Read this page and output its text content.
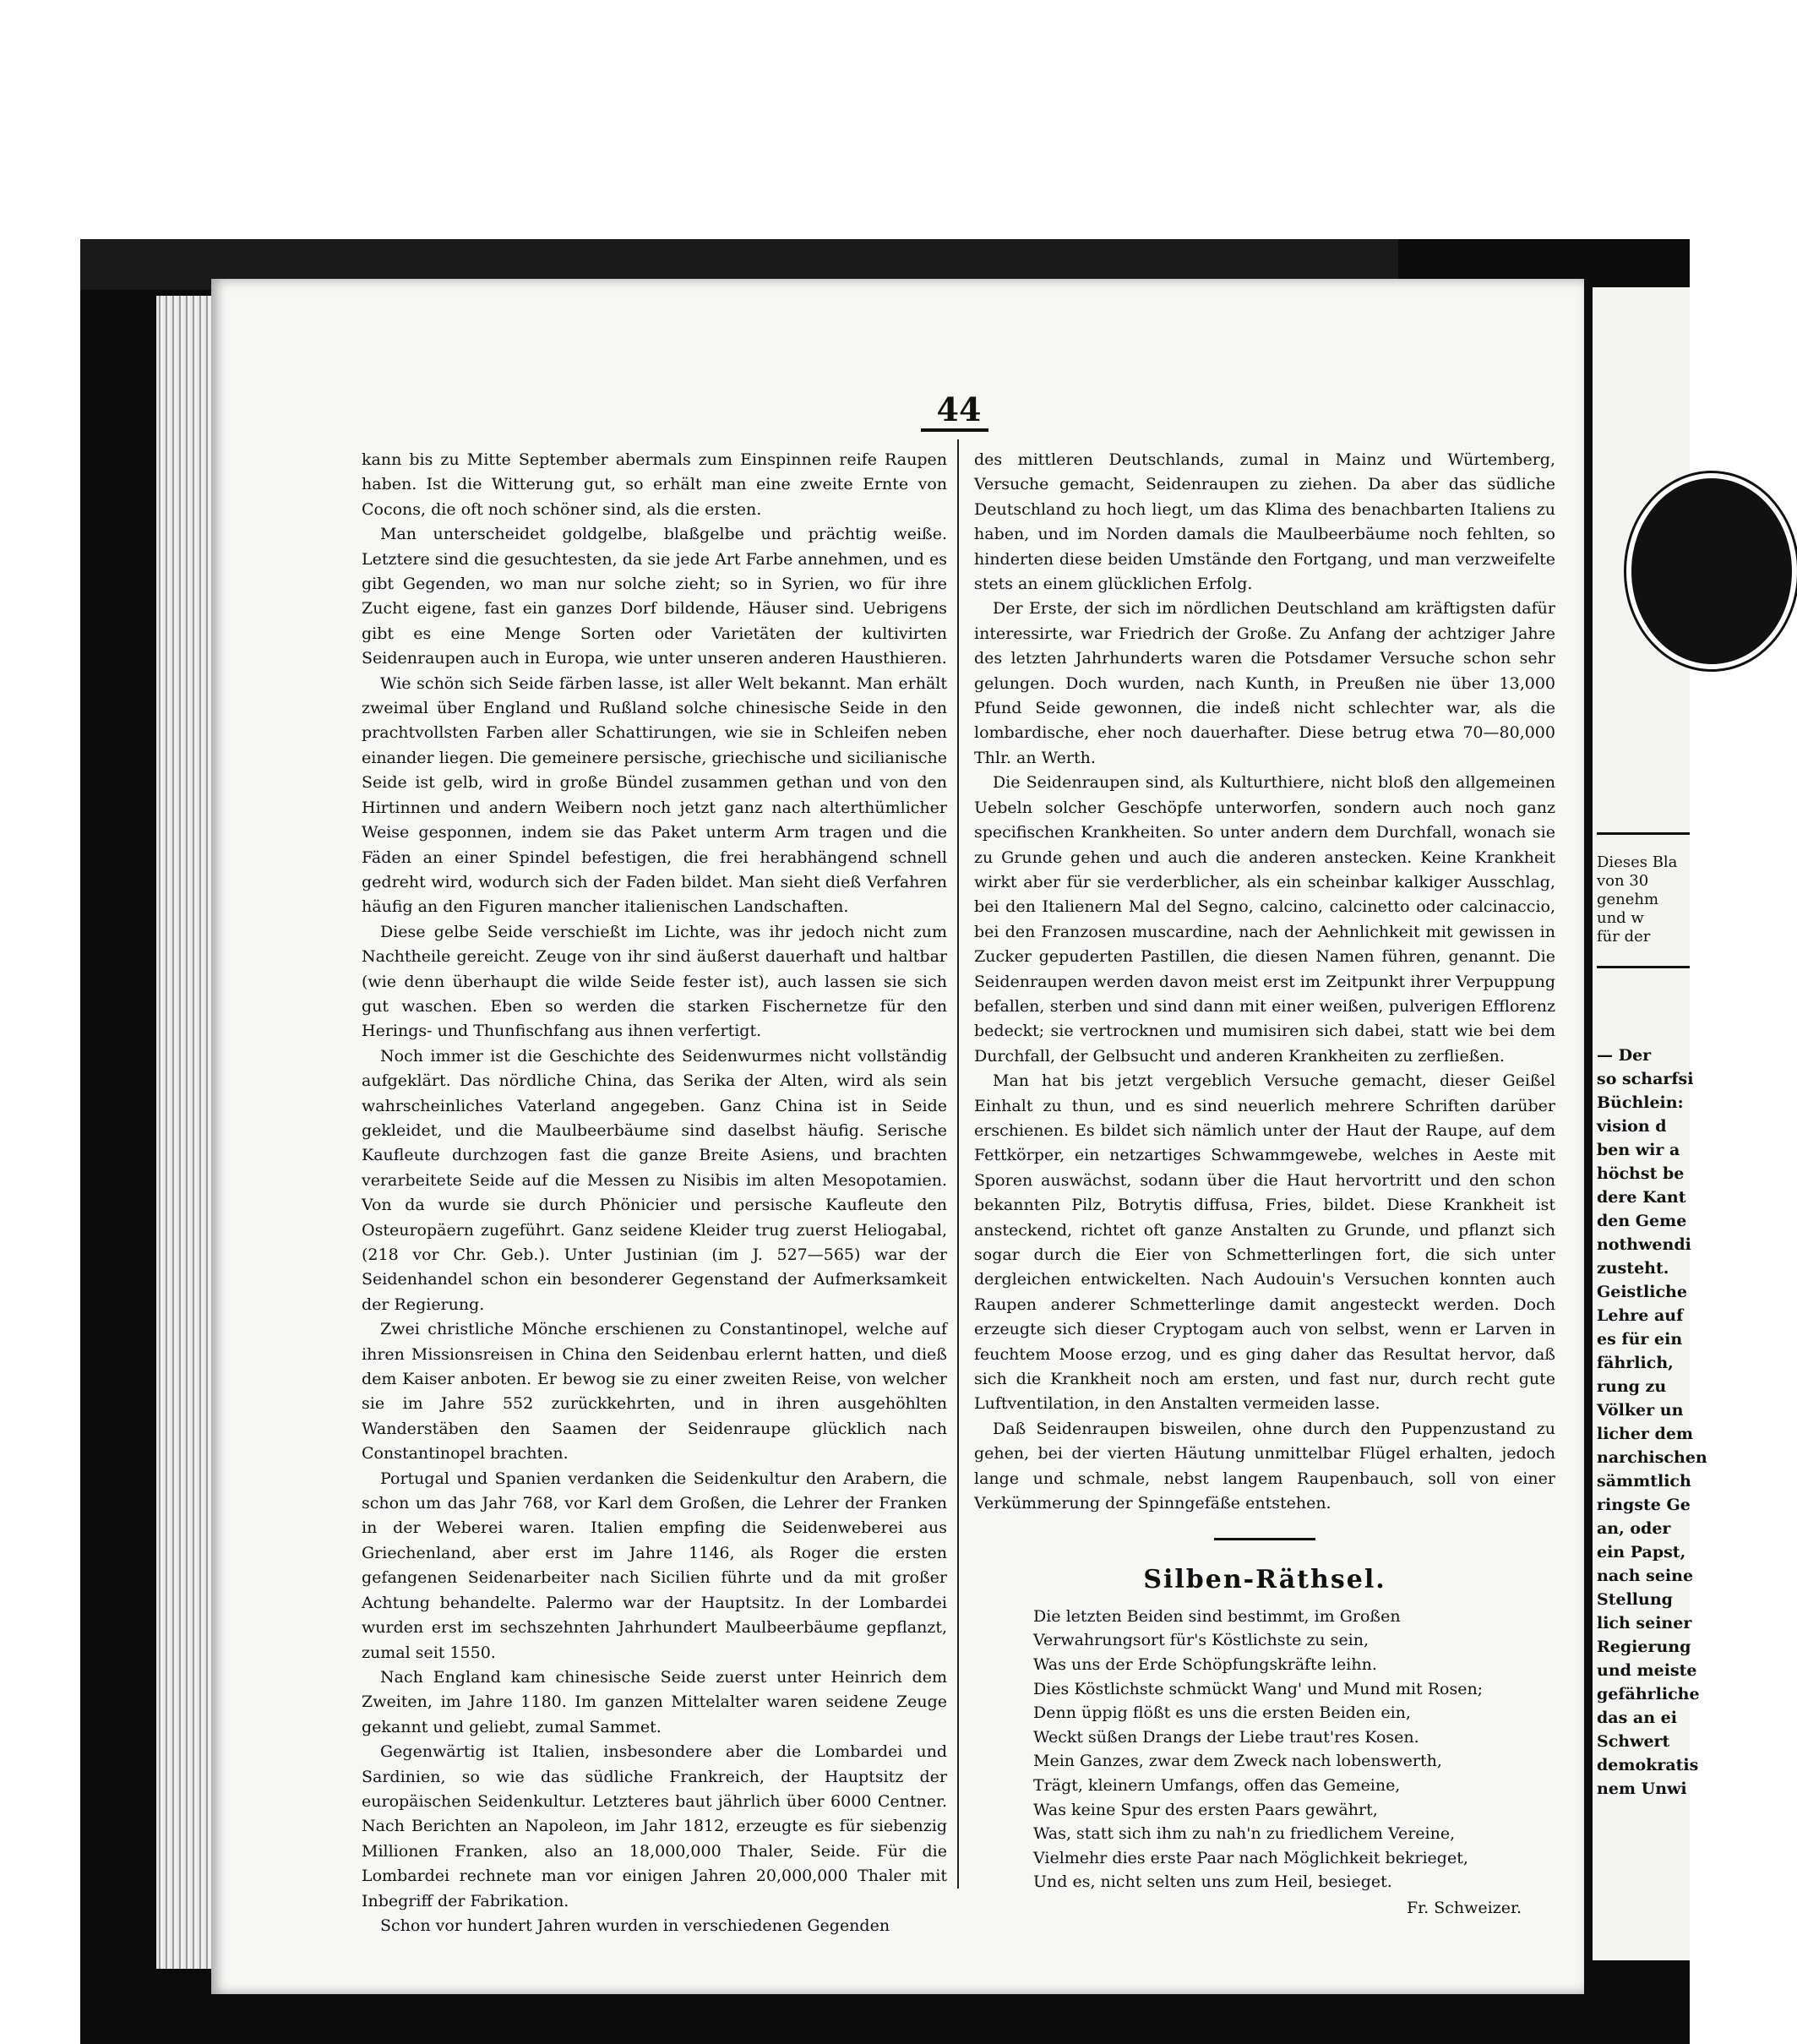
44

kann bis zu Mitte September abermals zum Einspinnen reife Raupen haben. Ist die Witterung gut, so erhält man eine zweite Ernte von Cocons, die oft noch schöner sind, als die ersten.

Man unterscheidet goldgelbe, blaßgelbe und prächtig weiße. Letztere sind die gesuchtesten, da sie jede Art Farbe annehmen, und es gibt Gegenden, wo man nur solche zieht; so in Syrien, wo für ihre Zucht eigene, fast ein ganzes Dorf bildende, Häuser sind. Uebrigens gibt es eine Menge Sorten oder Varietäten der kultivirten Seidenraupen auch in Europa, wie unter unseren anderen Hausthieren.

Wie schön sich Seide färben lasse, ist aller Welt bekannt. Man erhält zweimal über England und Rußland solche chinesische Seide in den prachtvollsten Farben aller Schattirungen, wie sie in Schleifen neben einander liegen. Die gemeinere persische, griechische und sicilianische Seide ist gelb, wird in große Bündel zusammen gethan und von den Hirtinnen und andern Weibern noch jetzt ganz nach alterthümlicher Weise gesponnen, indem sie das Paket unterm Arm tragen und die Fäden an einer Spindel befestigen, die frei herabhängend schnell gedreht wird, wodurch sich der Faden bildet. Man sieht dieß Verfahren häufig an den Figuren mancher italienischen Landschaften.

Diese gelbe Seide verschießt im Lichte, was ihr jedoch nicht zum Nachtheile gereicht. Zeuge von ihr sind äußerst dauerhaft und haltbar (wie denn überhaupt die wilde Seide fester ist), auch lassen sie sich gut waschen. Eben so werden die starken Fischernetze für den Herings- und Thunfischfang aus ihnen verfertigt.

Noch immer ist die Geschichte des Seidenwurmes nicht vollständig aufgeklärt. Das nördliche China, das Serika der Alten, wird als sein wahrscheinliches Vaterland angegeben. Ganz China ist in Seide gekleidet, und die Maulbeerbäume sind daselbst häufig. Serische Kaufleute durchzogen fast die ganze Breite Asiens, und brachten verarbeitete Seide auf die Messen zu Nisibis im alten Mesopotamien. Von da wurde sie durch Phönicier und persische Kaufleute den Osteuropäern zugeführt. Ganz seidene Kleider trug zuerst Heliogabal, (218 vor Chr. Geb.). Unter Justinian (im J. 527—565) war der Seidenhandel schon ein besonderer Gegenstand der Aufmerksamkeit der Regierung.

Zwei christliche Mönche erschienen zu Constantinopel, welche auf ihren Missionsreisen in China den Seidenbau erlernt hatten, und dieß dem Kaiser anboten. Er bewog sie zu einer zweiten Reise, von welcher sie im Jahre 552 zurückkehrten, und in ihren ausgehöhlten Wanderstäben den Saamen der Seidenraupe glücklich nach Constantinopel brachten.

Portugal und Spanien verdanken die Seidenkultur den Arabern, die schon um das Jahr 768, vor Karl dem Großen, die Lehrer der Franken in der Weberei waren. Italien empfing die Seidenweberei aus Griechenland, aber erst im Jahre 1146, als Roger die ersten gefangenen Seidenarbeiter nach Sicilien führte und da mit großer Achtung behandelte. Palermo war der Hauptsitz. In der Lombardei wurden erst im sechszehnten Jahrhundert Maulbeerbäume gepflanzt, zumal seit 1550.

Nach England kam chinesische Seide zuerst unter Heinrich dem Zweiten, im Jahre 1180. Im ganzen Mittelalter waren seidene Zeuge gekannt und geliebt, zumal Sammet.

Gegenwärtig ist Italien, insbesondere aber die Lombardei und Sardinien, so wie das südliche Frankreich, der Hauptsitz der europäischen Seidenkultur. Letzteres baut jährlich über 6000 Centner. Nach Berichten an Napoleon, im Jahr 1812, erzeugte es für siebenzig Millionen Franken, also an 18,000,000 Thaler, Seide. Für die Lombardei rechnete man vor einigen Jahren 20,000,000 Thaler mit Inbegriff der Fabrikation.

Schon vor hundert Jahren wurden in verschiedenen Gegenden

des mittleren Deutschlands, zumal in Mainz und Würtemberg, Versuche gemacht, Seidenraupen zu ziehen. Da aber das südliche Deutschland zu hoch liegt, um das Klima des benachbarten Italiens zu haben, und im Norden damals die Maulbeerbäume noch fehlten, so hinderten diese beiden Umstände den Fortgang, und man verzweifelte stets an einem glücklichen Erfolg.

Der Erste, der sich im nördlichen Deutschland am kräftigsten dafür interessirte, war Friedrich der Große. Zu Anfang der achtziger Jahre des letzten Jahrhunderts waren die Potsdamer Versuche schon sehr gelungen. Doch wurden, nach Kunth, in Preußen nie über 13,000 Pfund Seide gewonnen, die indeß nicht schlechter war, als die lombardische, eher noch dauerhafter. Diese betrug etwa 70—80,000 Thlr. an Werth.

Die Seidenraupen sind, als Kulturthiere, nicht bloß den allgemeinen Uebeln solcher Geschöpfe unterworfen, sondern auch noch ganz specifischen Krankheiten. So unter andern dem Durchfall, wonach sie zu Grunde gehen und auch die anderen anstecken. Keine Krankheit wirkt aber für sie verderblicher, als ein scheinbar kalkiger Ausschlag, bei den Italienern Mal del Segno, calcino, calcinetto oder calcinaccio, bei den Franzosen muscardine, nach der Aehnlichkeit mit gewissen in Zucker gepuderten Pastillen, die diesen Namen führen, genannt. Die Seidenraupen werden davon meist erst im Zeitpunkt ihrer Verpuppung befallen, sterben und sind dann mit einer weißen, pulverigen Efflorenz bedeckt; sie vertrocknen und mumisiren sich dabei, statt wie bei dem Durchfall, der Gelbsucht und anderen Krankheiten zu zerfließen.

Man hat bis jetzt vergeblich Versuche gemacht, dieser Geißel Einhalt zu thun, und es sind neuerlich mehrere Schriften darüber erschienen. Es bildet sich nämlich unter der Haut der Raupe, auf dem Fettkörper, ein netzartiges Schwammgewebe, welches in Aeste mit Sporen auswächst, sodann über die Haut hervortritt und den schon bekannten Pilz, Botrytis diffusa, Fries, bildet. Diese Krankheit ist ansteckend, richtet oft ganze Anstalten zu Grunde, und pflanzt sich sogar durch die Eier von Schmetterlingen fort, die sich unter dergleichen entwickelten. Nach Audouin's Versuchen konnten auch Raupen anderer Schmetterlinge damit angesteckt werden. Doch erzeugte sich dieser Cryptogam auch von selbst, wenn er Larven in feuchtem Moose erzog, und es ging daher das Resultat hervor, daß sich die Krankheit noch am ersten, und fast nur, durch recht gute Luftventilation, in den Anstalten vermeiden lasse.

Daß Seidenraupen bisweilen, ohne durch den Puppenzustand zu gehen, bei der vierten Häutung unmittelbar Flügel erhalten, jedoch lange und schmale, nebst langem Raupenbauch, soll von einer Verkümmerung der Spinngefäße entstehen.

Silben-Räthsel.
Die letzten Beiden sind bestimmt, im Großen
Verwahrungsort für's Köstlichste zu sein,
Was uns der Erde Schöpfungskräfte leihn.
Dies Köstlichste schmückt Wang' und Mund mit Rosen;
Denn üppig flößt es uns die ersten Beiden ein,
Weckt süßen Drangs der Liebe traut'res Kosen.
Mein Ganzes, zwar dem Zweck nach lobenswerth,
Trägt, kleinern Umfangs, offen das Gemeine,
Was keine Spur des ersten Paars gewährt,
Was, statt sich ihm zu nah'n zu friedlichem Vereine,
Vielmehr dies erste Paar nach Möglichkeit bekrieget,
Und es, nicht selten uns zum Heil, besieget.
Fr. Schweizer.
Dieses Bla
von 30
genehm
und w
für der
— Der
so scharfsi
Büchlein:
vision d
ben wir a
höchst be
dere Kant
den Geme
nothwendi
zusteht.
Geistliche
Lehre auf
es für ein
fährlich,
rung zu
Völker un
licher dem
narchischen
sämmtlich
ringste Ge
an, oder
ein Papst,
nach seine
Stellung
lich seiner
Regierung
und meiste
gefährliche
das an ei
Schwert
demokratis
nem Unwi
